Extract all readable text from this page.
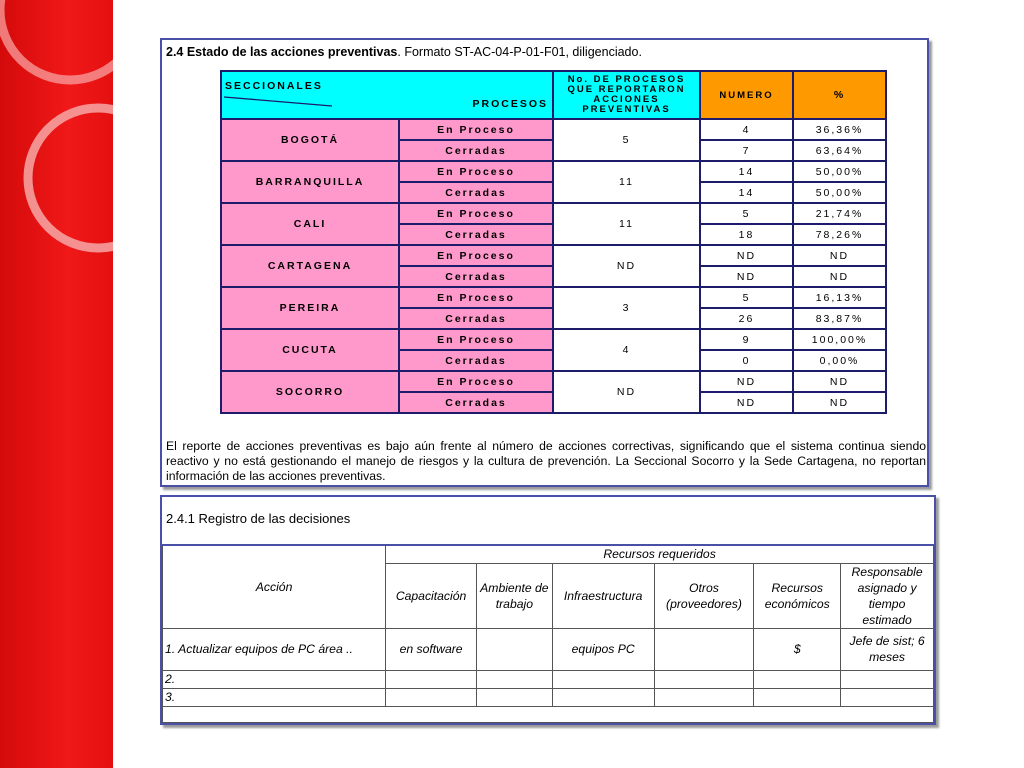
2.4 Estado de las acciones preventivas. Formato ST-AC-04-P-01-F01, diligenciado.
PROCESOS
SECCIONALES		No. DE PROCESOS QUE REPORTARON ACCIONES PREVENTIVAS	NUMERO	%
BOGOTÁ	En Proceso	5	4	36,36%
	Cerradas		7	63,64%
BARRANQUILLA	En Proceso	11	14	50,00%
	Cerradas		14	50,00%
CALI	En Proceso	11	5	21,74%
	Cerradas		18	78,26%
CARTAGENA	En Proceso	ND	ND	ND
	Cerradas		ND	ND
PEREIRA	En Proceso	3	5	16,13%
	Cerradas		26	83,87%
CUCUTA	En Proceso	4	9	100,00%
	Cerradas		0	0,00%
SOCORRO	En Proceso	ND	ND	ND
	Cerradas		ND	ND
El reporte de acciones preventivas es bajo aún frente al número de acciones correctivas, significando que el sistema continua siendo reactivo y no está gestionando el manejo de riesgos y la cultura de prevención. La Seccional Socorro y la Sede Cartagena, no reportan información de las acciones preventivas.
2.4.1 Registro de las decisiones
Acción	Recursos requeridos					
	Capacitación	Ambiente de trabajo	Infraestructura	Otros (proveedores)	Recursos económicos	Responsable asignado y tiempo estimado
1. Actualizar equipos de PC área ..	en software		equipos PC		$	Jefe de sist; 6 meses
2.						
3.						
